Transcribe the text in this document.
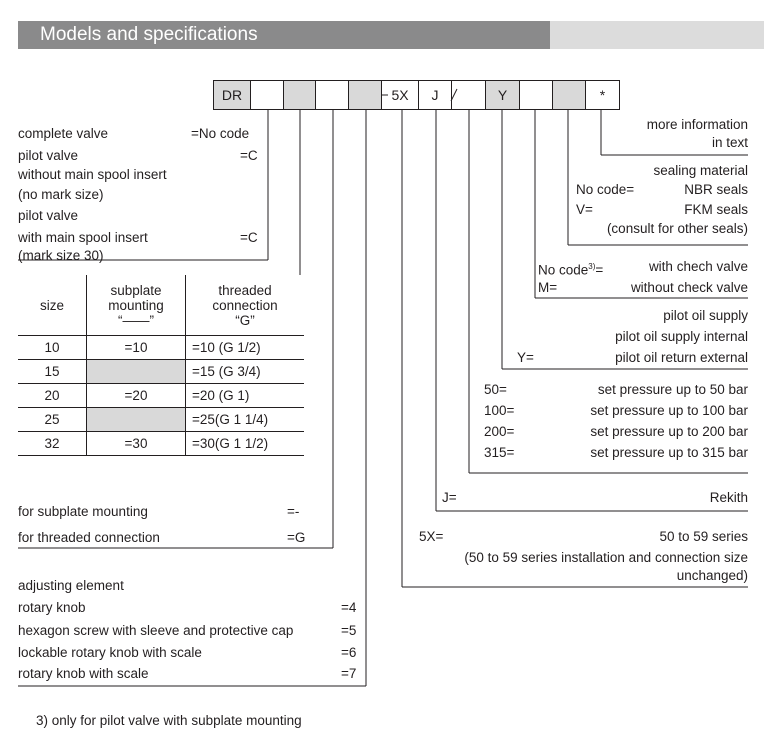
Models and specifications
DR	5X	J	Y	*
complete valve	=No code
pilot valve	=C
without main spool insert
(no mark size)
pilot valve
with main spool insert	=C
(mark size 30)
size	subplate
mounting
“——”	threaded
connection
“G”
10	=10	=10 (G 1/2)
15		=15 (G 3/4)
20	=20	=20 (G 1)
25		=25(G 1 1/4)
32	=30	=30(G 1 1/2)
for subplate mounting	=-
for threaded connection	=G
adjusting element
rotary knob	=4
hexagon screw with sleeve and protective cap	=5
lockable rotary knob with scale	=6
rotary knob with scale	=7
3) only for pilot valve with subplate mounting
more information
in text
sealing material
No code=	NBR seals
V=	FKM seals
(consult for other seals)
No code$^{3)}$=	with chech valve
M=	without check valve
pilot oil supply
pilot oil supply internal
Y=	pilot oil return external
50=	set pressure up to 50 bar
100=	set pressure up to 100 bar
200=	set pressure up to 200 bar
315=	set pressure up to 315 bar
J=	Rekith
5X=	50 to 59 series
(50 to 59 series installation and connection size
unchanged)
